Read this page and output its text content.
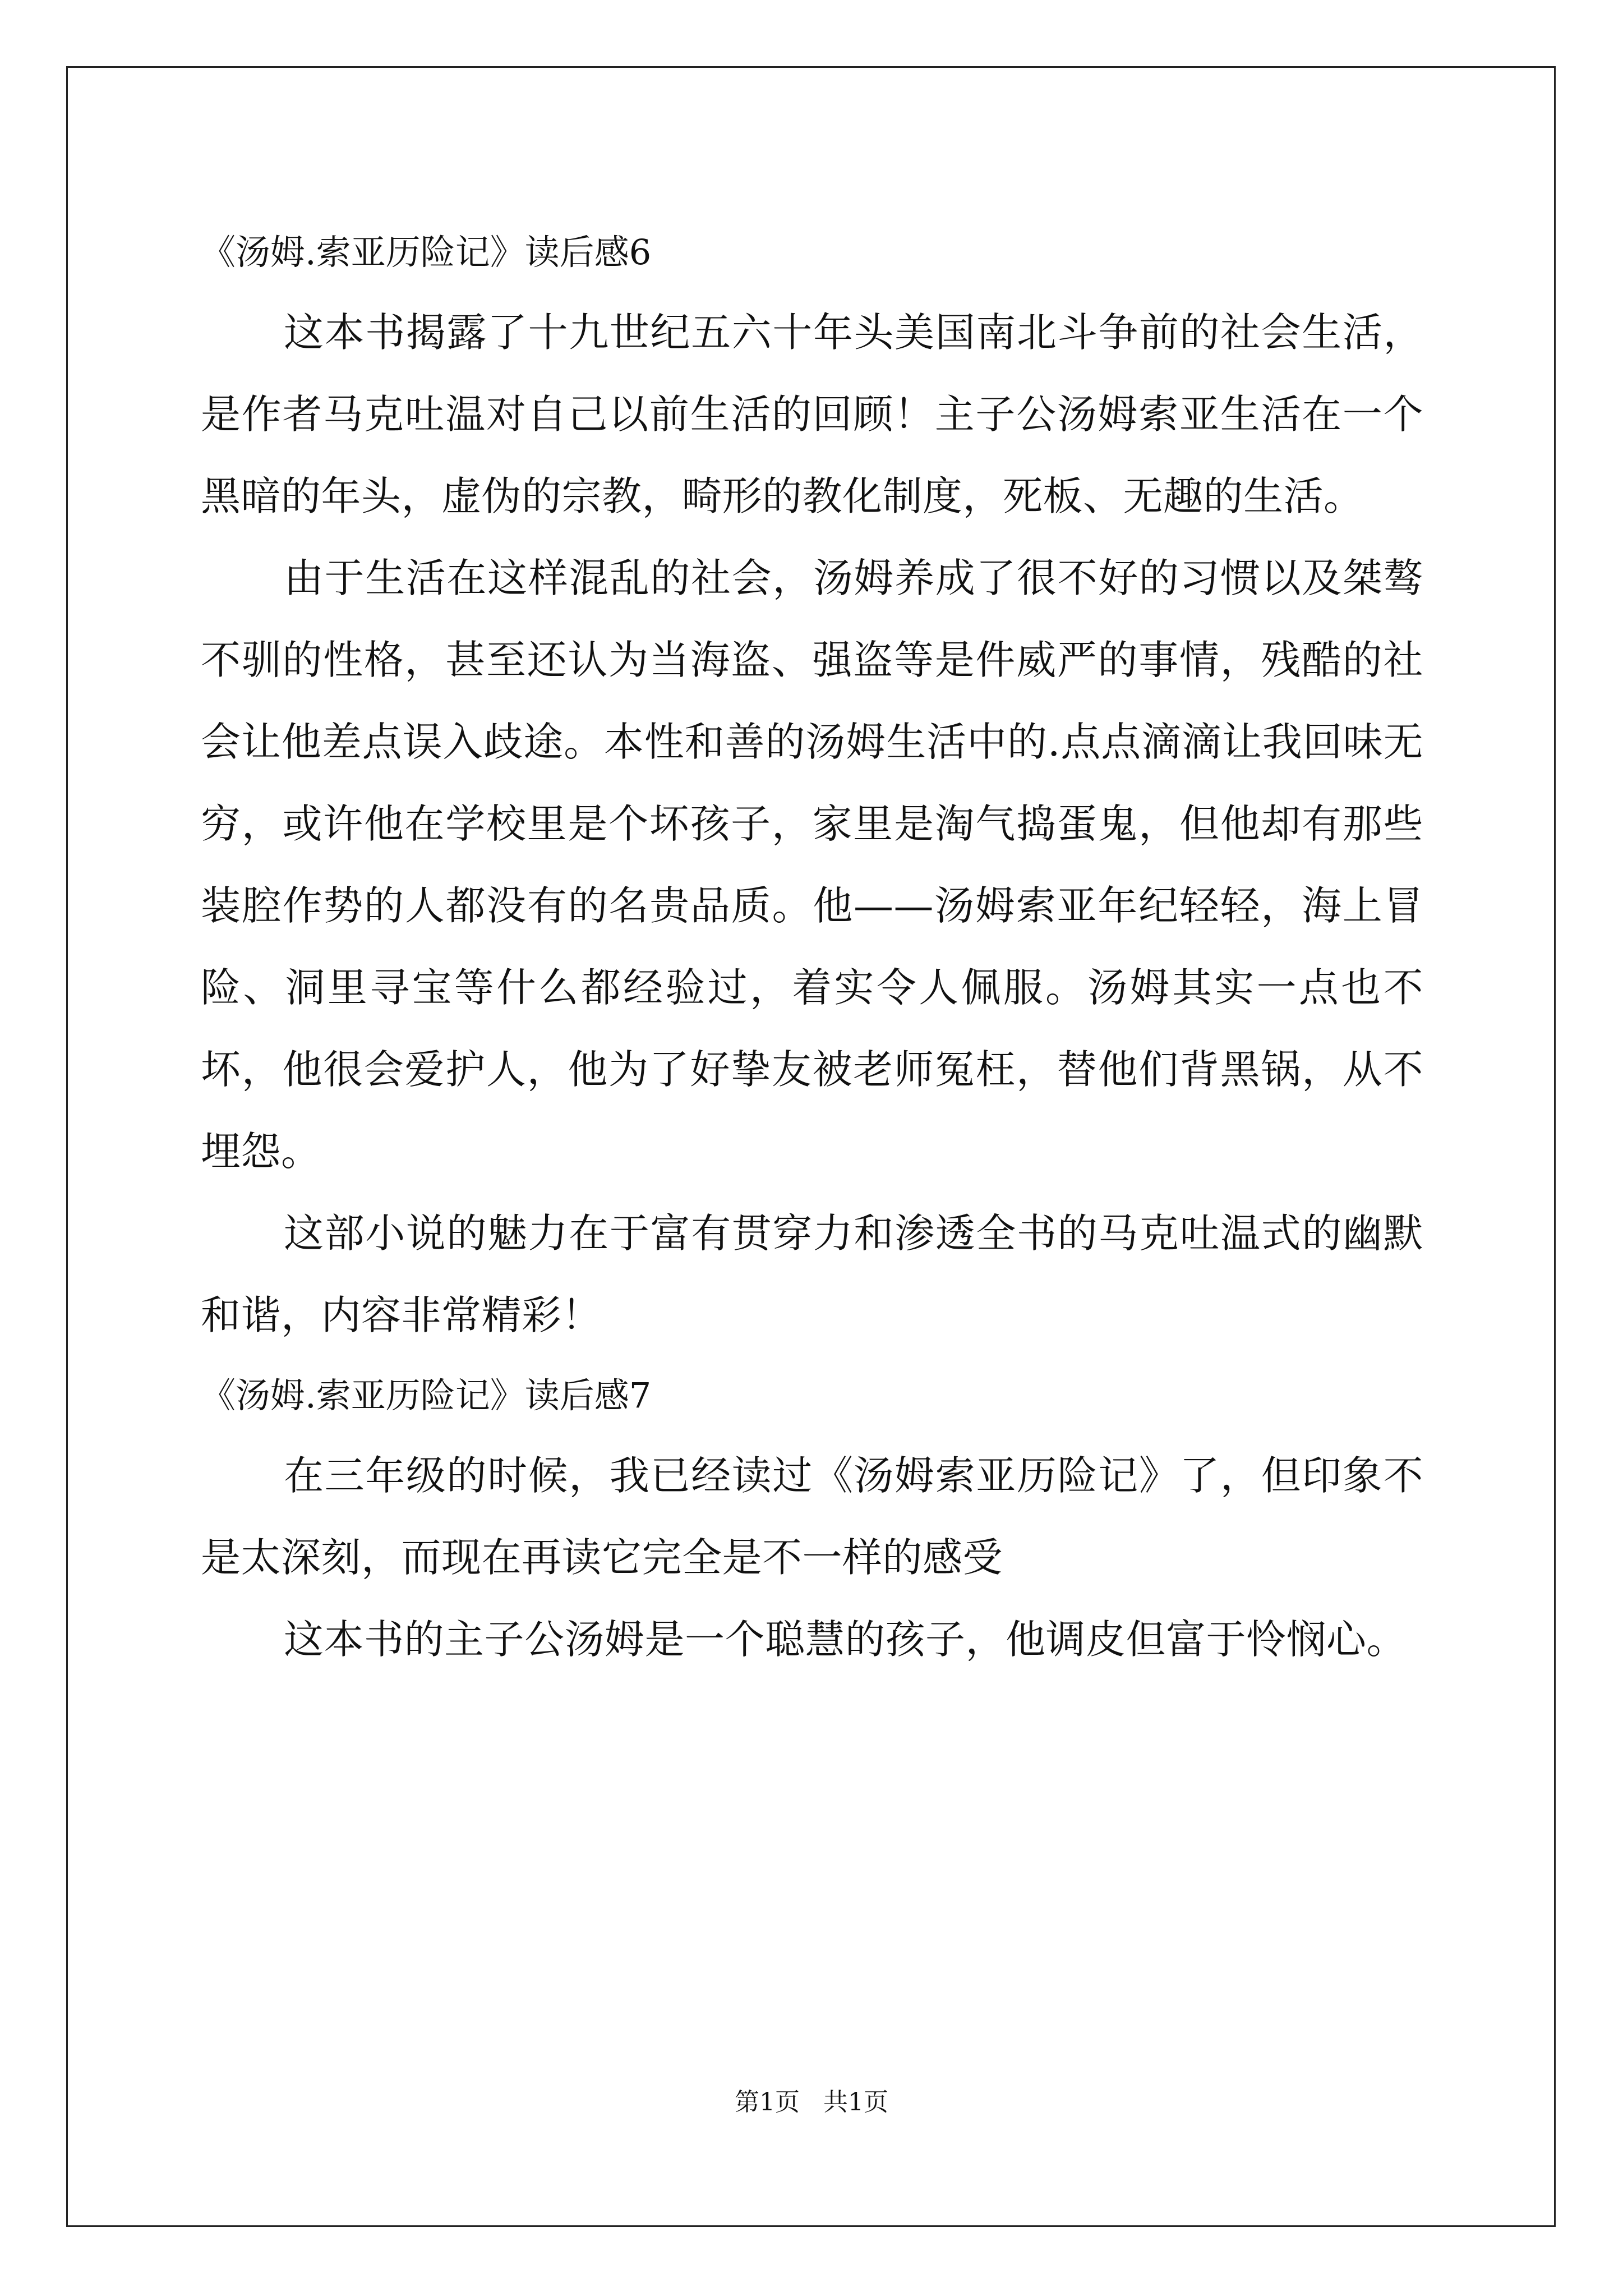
《汤姆.索亚历险记》读后感6

这本书揭露了十九世纪五六十年头美国南北斗争前的社会生活，是作者马克吐温对自己以前生活的回顾！主子公汤姆索亚生活在一个黑暗的年头，虚伪的宗教，畸形的教化制度，死板、无趣的生活。

由于生活在这样混乱的社会，汤姆养成了很不好的习惯以及桀骜不驯的性格，甚至还认为当海盗、强盗等是件威严的事情，残酷的社会让他差点误入歧途。本性和善的汤姆生活中的.点点滴滴让我回味无穷，或许他在学校里是个坏孩子，家里是淘气捣蛋鬼，但他却有那些装腔作势的人都没有的名贵品质。他——汤姆索亚年纪轻轻，海上冒险、洞里寻宝等什么都经验过，着实令人佩服。汤姆其实一点也不坏，他很会爱护人，他为了好挚友被老师冤枉，替他们背黑锅，从不埋怨。

这部小说的魅力在于富有贯穿力和渗透全书的马克吐温式的幽默和谐，内容非常精彩！

《汤姆.索亚历险记》读后感7

在三年级的时候，我已经读过《汤姆索亚历险记》了，但印象不是太深刻，而现在再读它完全是不一样的感受

这本书的主子公汤姆是一个聪慧的孩子，他调皮但富于怜悯心。

第1页   共1页
